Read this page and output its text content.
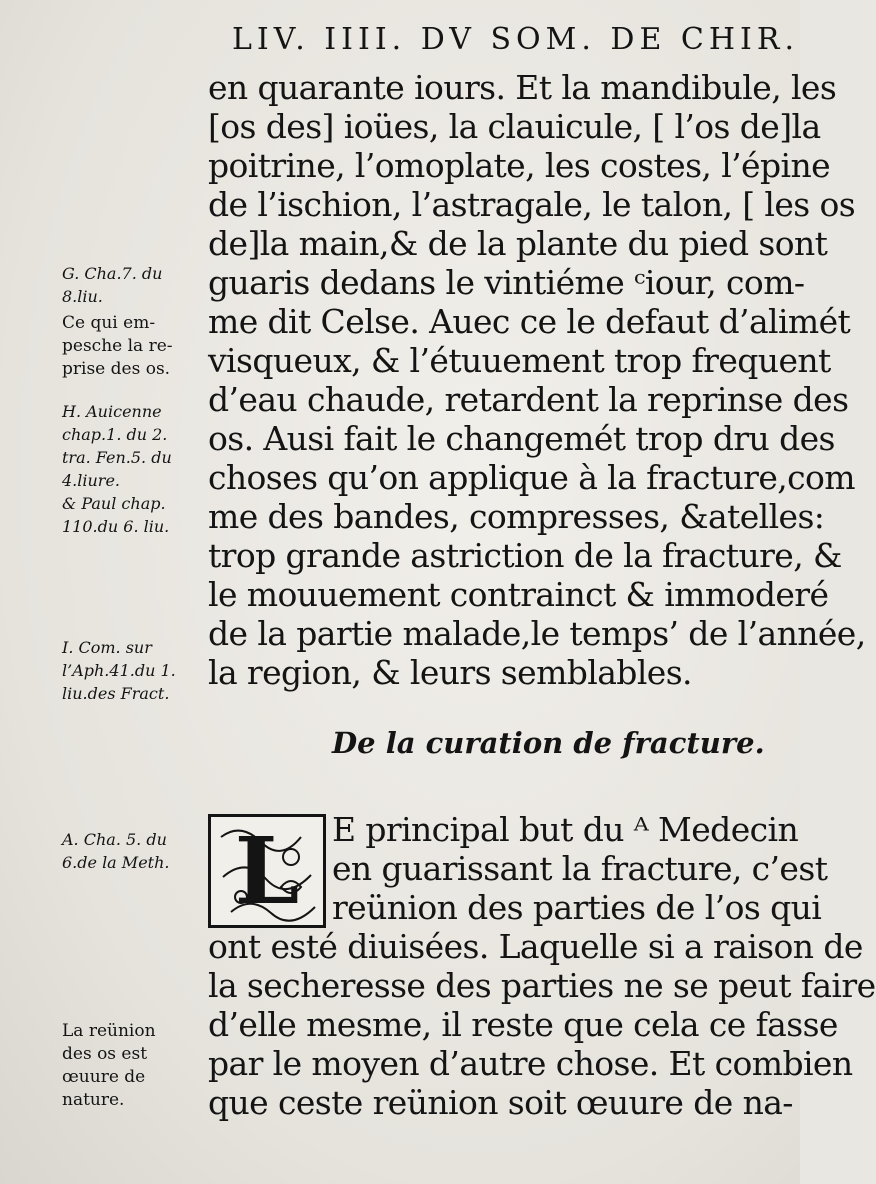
LIV. IIII. DV SOM. DE CHIR.
en quarante iours. Et la mandibule, les
[os des] ioües, la clauicule, [ l’os de]la
poitrine, l’omoplate, les costes, l’épine
de l’ischion, l’astragale, le talon, [ les os
de]la main,& de la plante du pied sont
guaris dedans le vintiéme ᶜiour, com-
me dit Celse. Auec ce le defaut d’alimét
visqueux, & l’étuuement trop frequent
d’eau chaude, retardent la reprinse des
os. Ausi fait le changemét trop dru des
choses qu’on applique à la fracture,com
me des bandes, compresses, &atelles:
trop grande astriction de la fracture, &
le mouuement contrainct & immoderé
de la partie malade,le temps’ de l’année,
la region, & leurs semblables.
De la curation de fracture.
L E principal but du ᴬ Medecin
en guarissant la fracture, c’est
reünion des parties de l’os qui
ont esté diuisées. Laquelle si a raison de
la secheresse des parties ne se peut faire
d’elle mesme, il reste que cela ce fasse
par le moyen d’autre chose. Et combien
que ceste reünion soit œuure de na-
G. Cha.7. du
8.liu.
Ce qui em-
pesche la re-
prise des os.
H. Auicenne
chap.1. du 2.
tra. Fen.5. du
4.liure.
& Paul chap.
110.du 6. liu.
I. Com. sur
l’Aph.41.du 1.
liu.des Fract.
A. Cha. 5. du
6.de la Meth.
La reünion
des os est
œuure de
nature.
